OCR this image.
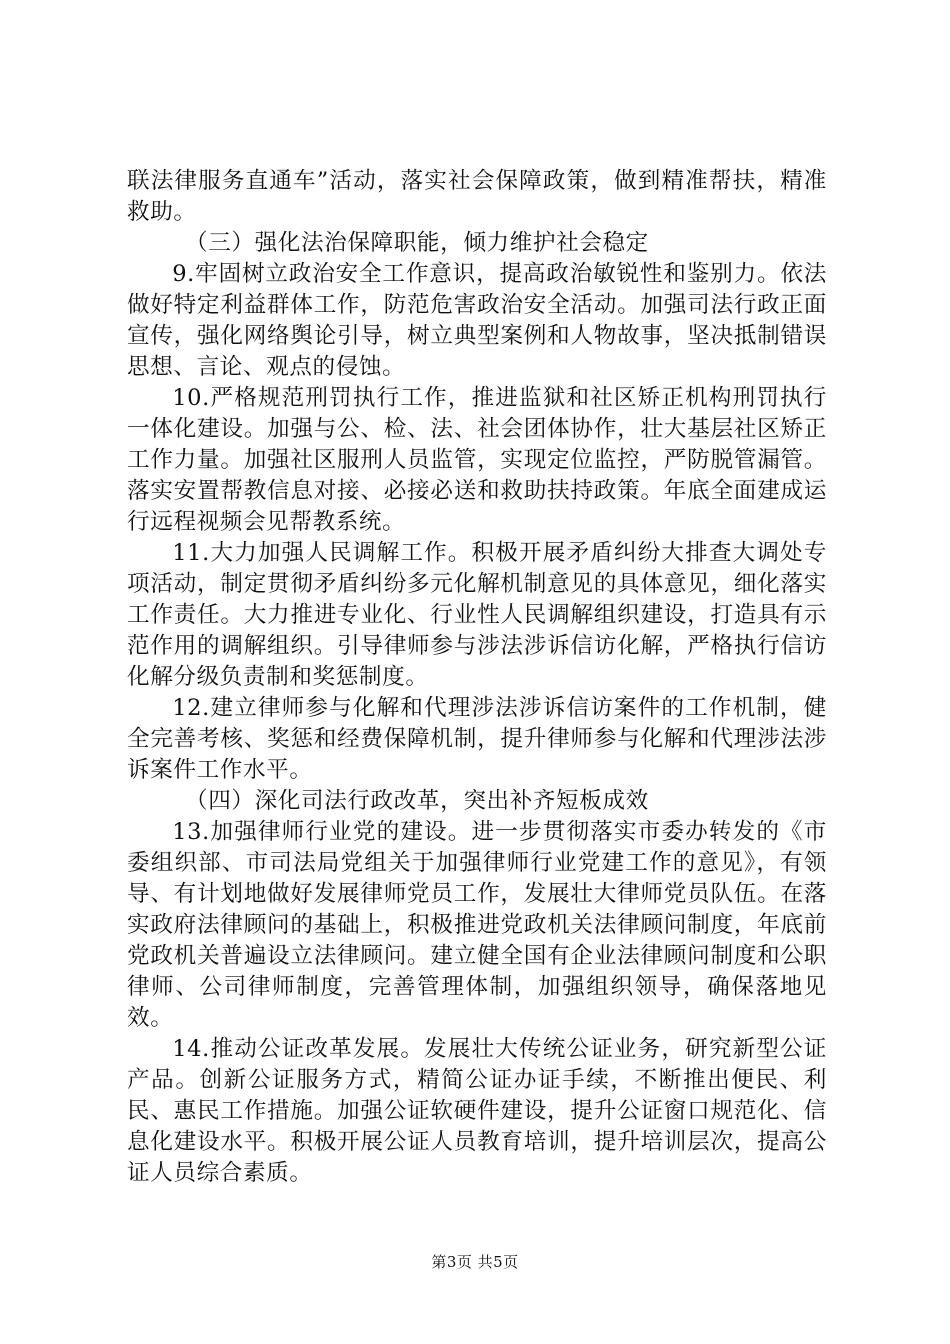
联法律服务直通车”活动，落实社会保障政策，做到精准帮扶，精准救助。

（三）强化法治保障职能，倾力维护社会稳定

9.牢固树立政治安全工作意识，提高政治敏锐性和鉴别力。依法做好特定利益群体工作，防范危害政治安全活动。加强司法行政正面宣传，强化网络舆论引导，树立典型案例和人物故事，坚决抵制错误思想、言论、观点的侵蚀。

10.严格规范刑罚执行工作，推进监狱和社区矫正机构刑罚执行一体化建设。加强与公、检、法、社会团体协作，壮大基层社区矫正工作力量。加强社区服刑人员监管，实现定位监控，严防脱管漏管。落实安置帮教信息对接、必接必送和救助扶持政策。年底全面建成运行远程视频会见帮教系统。

11.大力加强人民调解工作。积极开展矛盾纠纷大排查大调处专项活动，制定贯彻矛盾纠纷多元化解机制意见的具体意见，细化落实工作责任。大力推进专业化、行业性人民调解组织建设，打造具有示范作用的调解组织。引导律师参与涉法涉诉信访化解，严格执行信访化解分级负责制和奖惩制度。

12.建立律师参与化解和代理涉法涉诉信访案件的工作机制，健全完善考核、奖惩和经费保障机制，提升律师参与化解和代理涉法涉诉案件工作水平。

（四）深化司法行政改革，突出补齐短板成效

13.加强律师行业党的建设。进一步贯彻落实市委办转发的《市委组织部、市司法局党组关于加强律师行业党建工作的意见》，有领导、有计划地做好发展律师党员工作，发展壮大律师党员队伍。在落实政府法律顾问的基础上，积极推进党政机关法律顾问制度，年底前党政机关普遍设立法律顾问。建立健全国有企业法律顾问制度和公职律师、公司律师制度，完善管理体制，加强组织领导，确保落地见效。

14.推动公证改革发展。发展壮大传统公证业务，研究新型公证产品。创新公证服务方式，精简公证办证手续，不断推出便民、利民、惠民工作措施。加强公证软硬件建设，提升公证窗口规范化、信息化建设水平。积极开展公证人员教育培训，提升培训层次，提高公证人员综合素质。

第3页 共5页
